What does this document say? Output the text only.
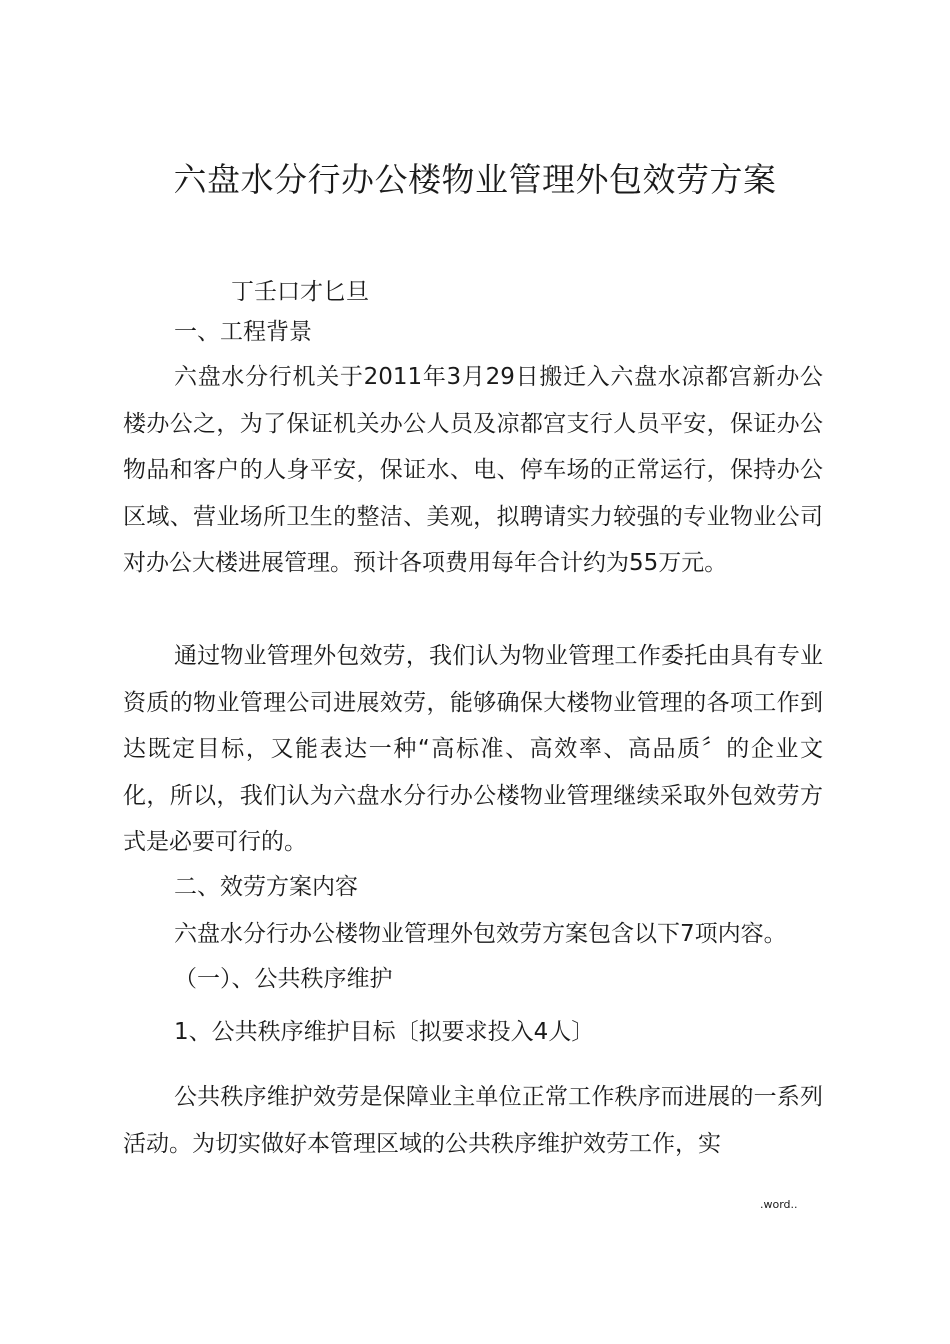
六盘水分行办公楼物业管理外包效劳方案
丁壬口才匕旦
一、工程背景
六盘水分行机关于2011年3月29日搬迁入六盘水凉都宫新办公楼办公之，为了保证机关办公人员及凉都宫支行人员平安，保证办公物品和客户的人身平安，保证水、电、停车场的正常运行，保持办公区域、营业场所卫生的整洁、美观，拟聘请实力较强的专业物业公司对办公大楼进展管理。预计各项费用每年合计约为55万元。
通过物业管理外包效劳，我们认为物业管理工作委托由具有专业资质的物业管理公司进展效劳，能够确保大楼物业管理的各项工作到达既定目标，又能表达一种“高标准、高效率、高品质〞的企业文化，所以，我们认为六盘水分行办公楼物业管理继续采取外包效劳方式是必要可行的。
二、效劳方案内容
六盘水分行办公楼物业管理外包效劳方案包含以下7项内容。
（一）、公共秩序维护
1、公共秩序维护目标〔拟要求投入4人〕
公共秩序维护效劳是保障业主单位正常工作秩序而进展的一系列活动。为切实做好本管理区域的公共秩序维护效劳工作，实
.word..
